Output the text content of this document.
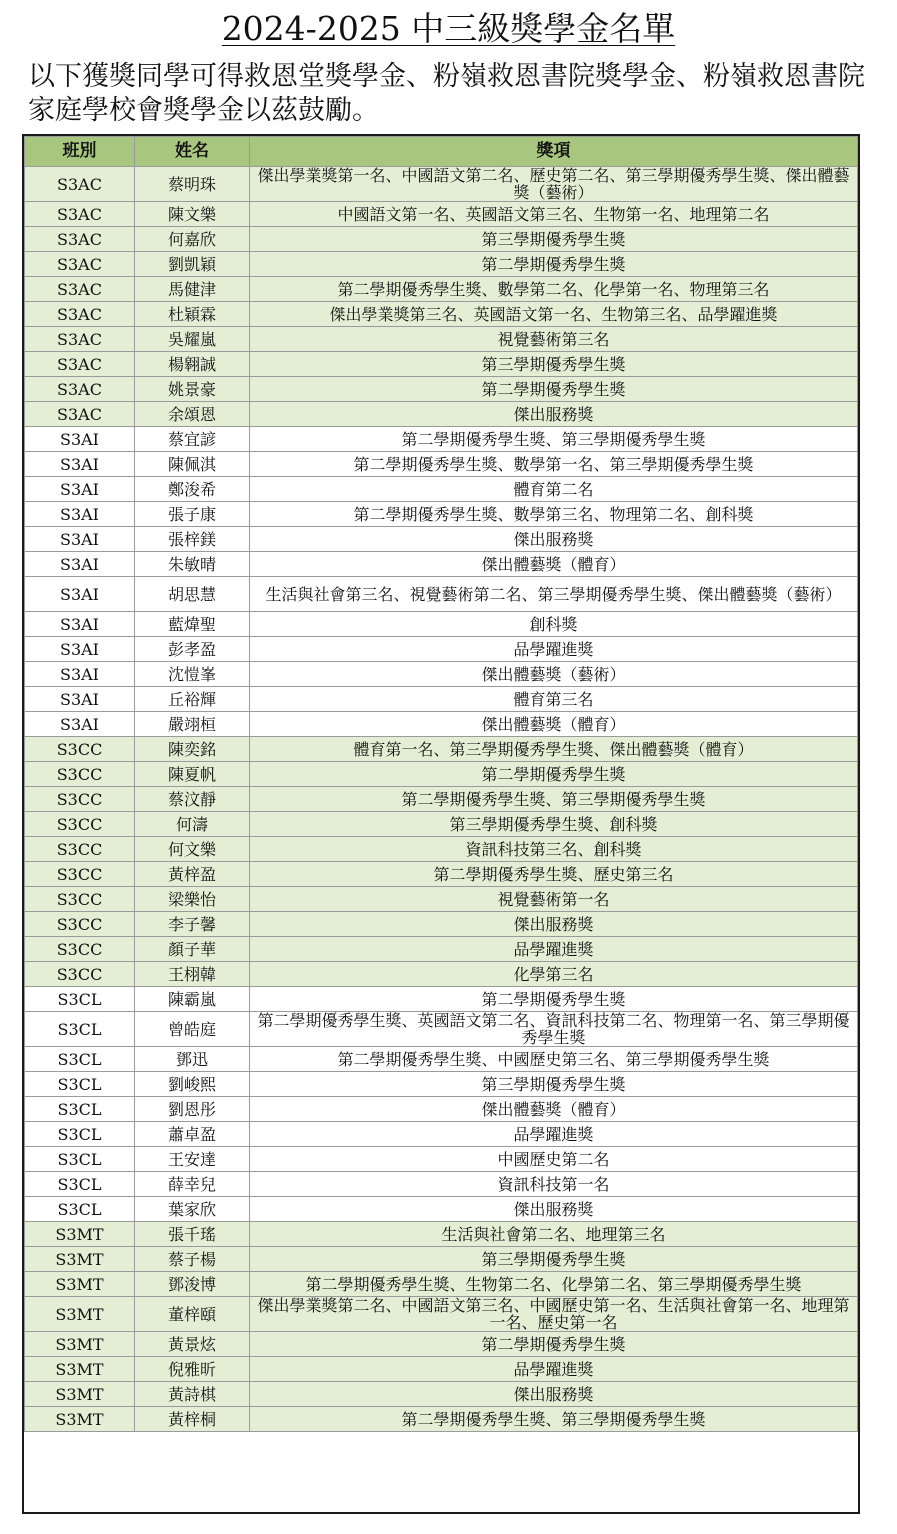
2024-2025 中三級獎學金名單
以下獲獎同學可得救恩堂獎學金、粉嶺救恩書院獎學金、粉嶺救恩書院家庭學校會獎學金以茲鼓勵。
班別	姓名	獎項
S3AC	蔡明珠	傑出學業獎第一名、中國語文第二名、歷史第二名、第三學期優秀學生獎、傑出體藝獎（藝術）
S3AC	陳文樂	中國語文第一名、英國語文第三名、生物第一名、地理第二名
S3AC	何嘉欣	第三學期優秀學生獎
S3AC	劉凱穎	第二學期優秀學生獎
S3AC	馬健津	第二學期優秀學生獎、數學第二名、化學第一名、物理第三名
S3AC	杜穎霖	傑出學業獎第三名、英國語文第一名、生物第三名、品學躍進獎
S3AC	吳耀嵐	視覺藝術第三名
S3AC	楊翱誠	第三學期優秀學生獎
S3AC	姚景豪	第二學期優秀學生獎
S3AC	余頌恩	傑出服務獎
S3AI	蔡宜諺	第二學期優秀學生獎、第三學期優秀學生獎
S3AI	陳佩淇	第二學期優秀學生獎、數學第一名、第三學期優秀學生獎
S3AI	鄭浚希	體育第二名
S3AI	張子康	第二學期優秀學生獎、數學第三名、物理第二名、創科獎
S3AI	張梓鎂	傑出服務獎
S3AI	朱敏晴	傑出體藝獎（體育）
S3AI	胡思慧	生活與社會第三名、視覺藝術第二名、第三學期優秀學生獎、傑出體藝獎（藝術）
S3AI	藍煒聖	創科獎
S3AI	彭孝盈	品學躍進獎
S3AI	沈愷峯	傑出體藝獎（藝術）
S3AI	丘裕輝	體育第三名
S3AI	嚴翊桓	傑出體藝獎（體育）
S3CC	陳奕銘	體育第一名、第三學期優秀學生獎、傑出體藝獎（體育）
S3CC	陳夏帆	第二學期優秀學生獎
S3CC	蔡汶靜	第二學期優秀學生獎、第三學期優秀學生獎
S3CC	何濤	第三學期優秀學生獎、創科獎
S3CC	何文樂	資訊科技第三名、創科獎
S3CC	黃梓盈	第二學期優秀學生獎、歷史第三名
S3CC	梁樂怡	視覺藝術第一名
S3CC	李子馨	傑出服務獎
S3CC	顏子華	品學躍進獎
S3CC	王栩韓	化學第三名
S3CL	陳霸嵐	第二學期優秀學生獎
S3CL	曾皓庭	第二學期優秀學生獎、英國語文第二名、資訊科技第二名、物理第一名、第三學期優秀學生獎
S3CL	鄧迅	第二學期優秀學生獎、中國歷史第三名、第三學期優秀學生獎
S3CL	劉峻熙	第三學期優秀學生獎
S3CL	劉恩彤	傑出體藝獎（體育）
S3CL	蕭卓盈	品學躍進獎
S3CL	王安達	中國歷史第二名
S3CL	薛幸兒	資訊科技第一名
S3CL	葉家欣	傑出服務獎
S3MT	張千瑤	生活與社會第二名、地理第三名
S3MT	蔡子楊	第三學期優秀學生獎
S3MT	鄧浚博	第二學期優秀學生獎、生物第二名、化學第二名、第三學期優秀學生獎
S3MT	董梓頤	傑出學業獎第二名、中國語文第三名、中國歷史第一名、生活與社會第一名、地理第一名、歷史第一名
S3MT	黃景炫	第二學期優秀學生獎
S3MT	倪雅昕	品學躍進獎
S3MT	黃詩棋	傑出服務獎
S3MT	黃梓桐	第二學期優秀學生獎、第三學期優秀學生獎
